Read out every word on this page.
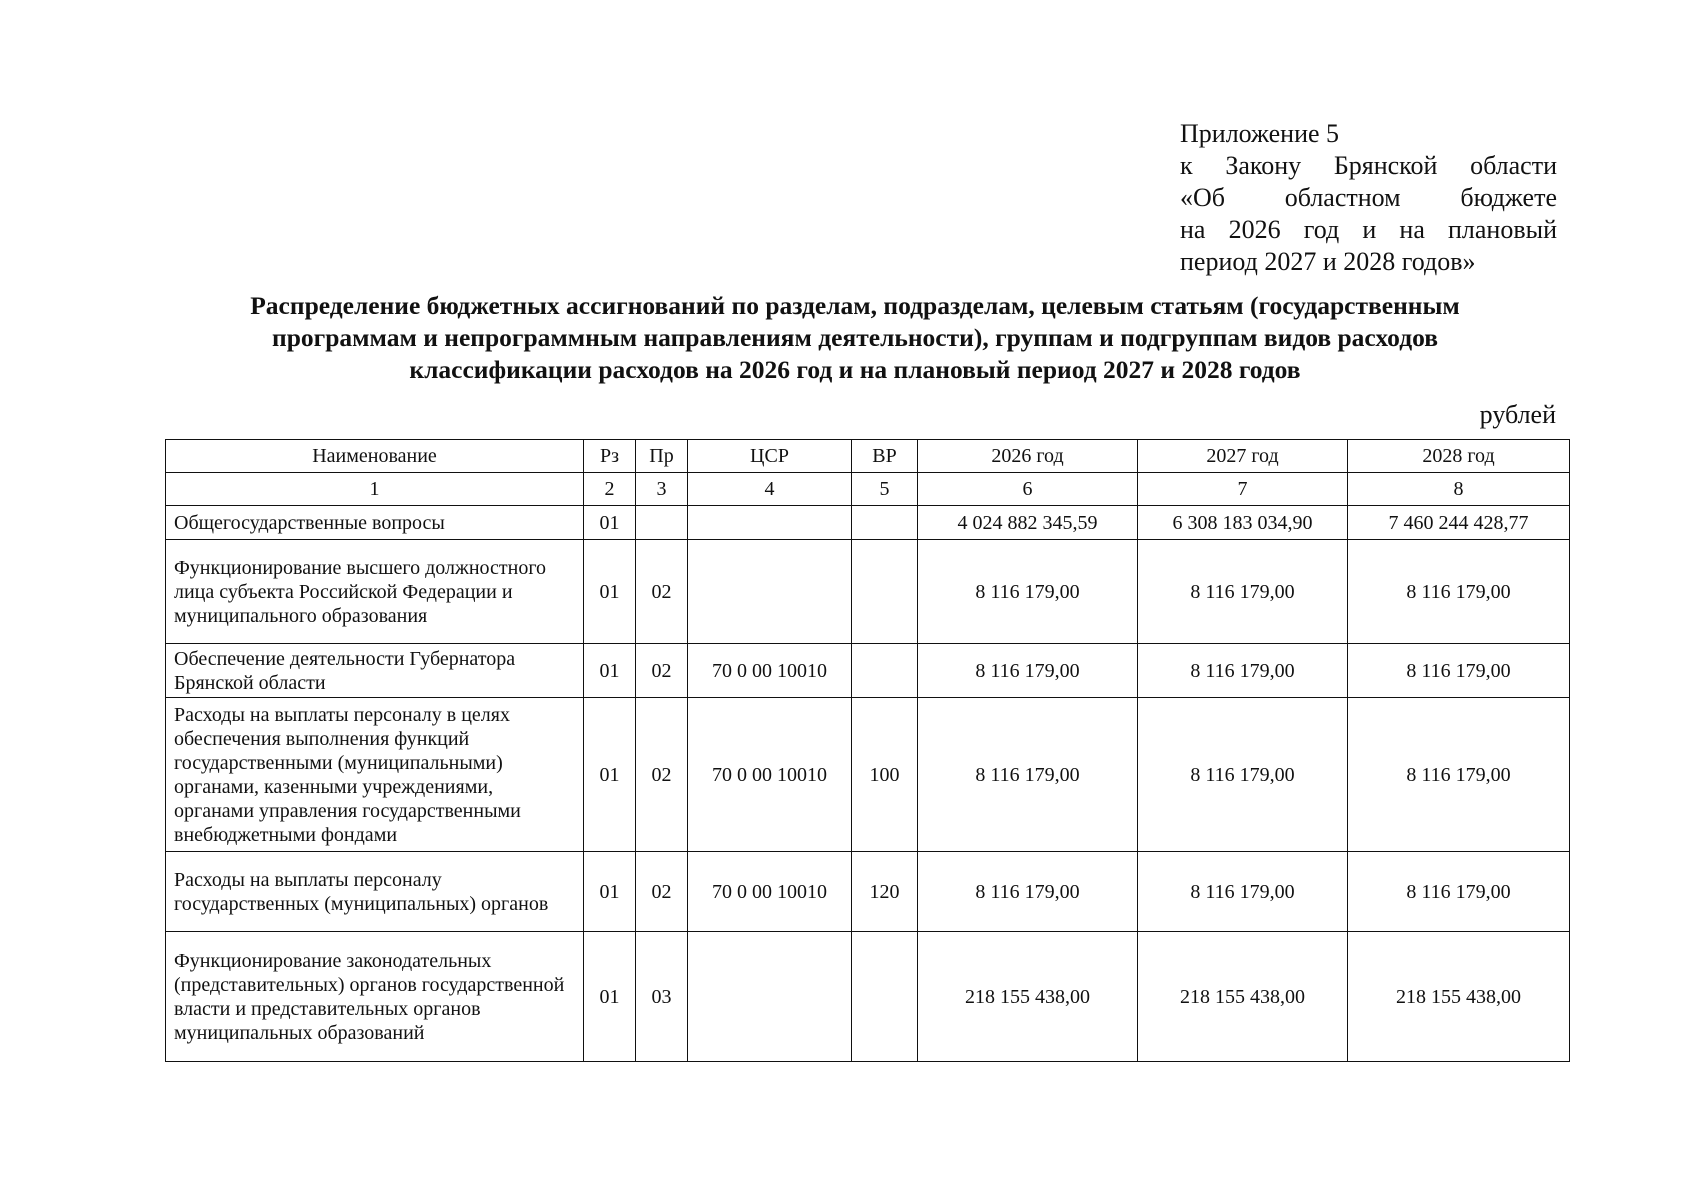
Приложение 5
к Закону Брянской области
«Об областном бюджете
на 2026 год и на плановый
период 2027 и 2028 годов»
Распределение бюджетных ассигнований по разделам, подразделам, целевым статьям (государственным
программам и непрограммным направлениям деятельности), группам и подгруппам видов расходов
классификации расходов на 2026 год и на плановый период 2027 и 2028 годов
рублей
Наименование	Рз	Пр	ЦСР	ВР	2026 год	2027 год	2028 год
1	2	3	4	5	6	7	8
Общегосударственные вопросы	01				4 024 882 345,59	6 308 183 034,90	7 460 244 428,77
Функционирование высшего должностного лица субъекта Российской Федерации и муниципального образования	01	02			8 116 179,00	8 116 179,00	8 116 179,00
Обеспечение деятельности Губернатора Брянской области	01	02	70 0 00 10010		8 116 179,00	8 116 179,00	8 116 179,00
Расходы на выплаты персоналу в целях обеспечения выполнения функций государственными (муниципальными) органами, казенными учреждениями, органами управления государственными внебюджетными фондами	01	02	70 0 00 10010	100	8 116 179,00	8 116 179,00	8 116 179,00
Расходы на выплаты персоналу государственных (муниципальных) органов	01	02	70 0 00 10010	120	8 116 179,00	8 116 179,00	8 116 179,00
Функционирование законодательных (представительных) органов государственной власти и представительных органов муниципальных образований	01	03			218 155 438,00	218 155 438,00	218 155 438,00
